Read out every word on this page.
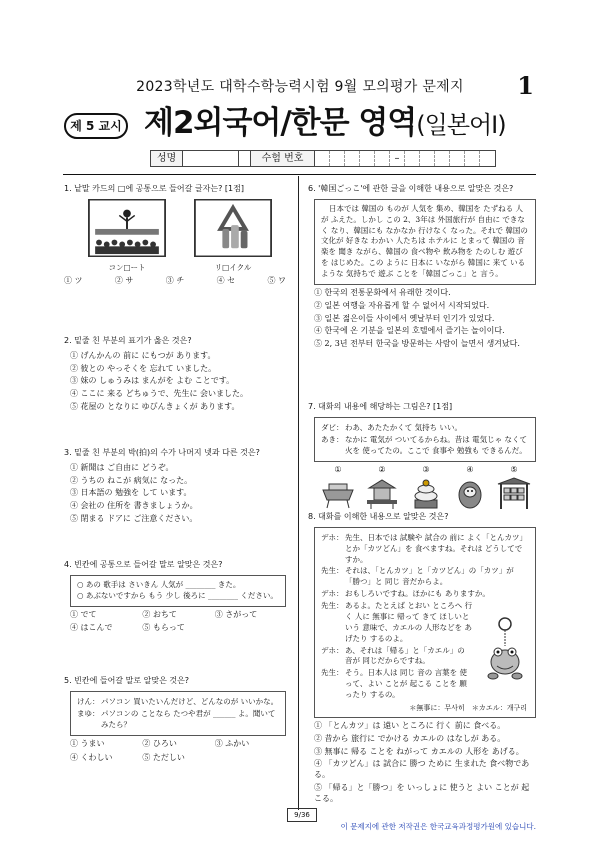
2023학년도 대학수학능력시험 9월 모의평가 문제지	1
제 5 교시 제2외국어/한문 영역(일본어Ⅰ)
성명	수험 번호	–
1. 낱말 카드의 □에 공통으로 들어갈 글자는? [1점]
コン□ート	リ□イクル
① ツ	② サ	③ チ	④ セ	⑤ ワ
2. 밑줄 친 부분의 표기가 옳은 것은?
① げんかんの 前に にもつが あります。
② 彼との やっそくを 忘れて いました。
③ 妹の しゅうみは まんがを よむ ことです。
④ ここに 来る どちゅうで、先生に 会いました。
⑤ 花屋の となりに ゆびんきょくが あります。
3. 밑줄 친 부분의 박(拍)의 수가 나머지 넷과 다른 것은?
① 新聞は ご自由に どうぞ。
② うちの ねこが 病気に なった。
③ 日本語の 勉強を して います。
④ 会社の 住所を 書きましょうか。
⑤ 閉まる ドアに ご注意ください。
4. 빈칸에 공통으로 들어갈 말로 알맞은 것은?
○ あの 歌手は さいきん 人気が ________ きた。
○ あぶないですから もう 少し 後ろに ________ ください。
① でて	② おちて	③ さがって
④ はこんで	⑤ もらって
5. 빈칸에 들어갈 말로 알맞은 것은?
けん： パソコン 買いたいんだけど、どんなのが いいかな。
まゆ： パソコンの ことなら たつや君が ______ よ。聞いて みたら？
① うまい	② ひろい	③ ふかい
④ くわしい	⑤ ただしい
6. '韓国ごっこ'에 관한 글을 이해한 내용으로 알맞은 것은?
日本では 韓国の ものが 人気を 集め、韓国を たずねる 人が ふえた。しかし この 2、3年は 外国旅行が 自由に できなく なり、韓国にも なかなか 行けなく なった。それで 韓国の 文化が 好きな わかい 人たちは ホテルに とまって 韓国の 音楽を 聞き ながら、韓国の 食べ物や 飲み物を たのしむ 遊びを はじめた。この ように 日本に いながら 韓国に 来て いるような 気持ちで 遊ぶ ことを「韓国ごっこ」と 言う。
① 한국의 전통문화에서 유래한 것이다.
② 일본 여행을 자유롭게 할 수 없어서 시작되었다.
③ 일본 젊은이들 사이에서 옛날부터 인기가 있었다.
④ 한국에 온 기분을 일본의 호텔에서 즐기는 놀이이다.
⑤ 2, 3년 전부터 한국을 방문하는 사람이 늘면서 생겨났다.
7. 대화의 내용에 해당하는 그림은? [1점]
ダビ： わあ、あたたかくて 気持ち いい。
あき： なかに 電気が ついてるからね。昔は 電気じゃ なくて 火を 使ってたの。ここで 食事や 勉強も できるんだ。
①	②	③	④	⑤
8. 대화를 이해한 내용으로 알맞은 것은?
デホ： 先生、日本では 試験や 試合の 前に よく「とんカツ」とか「カツどん」を 食べますね。それは どうしてですか。
先生： それは、「とんカツ」と「カツどん」の「カツ」が「勝つ」と 同じ 音だからよ。
デホ： おもしろいですね。ほかにも ありますか。
先生： あるよ。たとえば とおい ところへ 行く 人に 無事に 帰って きて ほしいと いう 意味で、カエルの 人形などを あげたり するのよ。
デホ： あ、それは「帰る」と「カエル」の 音が 同じだからですね。
先生： そう。日本人は 同じ 音の 言葉を 使って、よい ことが 起こる ことを 願ったり するの。
＊無事に：무사히　＊カエル：개구리
① 「とんカツ」は 遠い ところに 行く 前に 食べる。
② 昔から 旅行に でかける カエルの はなしが ある。
③ 無事に 帰る ことを ねがって カエルの 人形を あげる。
④ 「カツどん」は 試合に 勝つ ために 生まれた 食べ物である。
⑤ 「帰る」と「勝つ」を いっしょに 使うと よい ことが 起こる。
9/36
이 문제지에 관한 저작권은 한국교육과정평가원에 있습니다.
